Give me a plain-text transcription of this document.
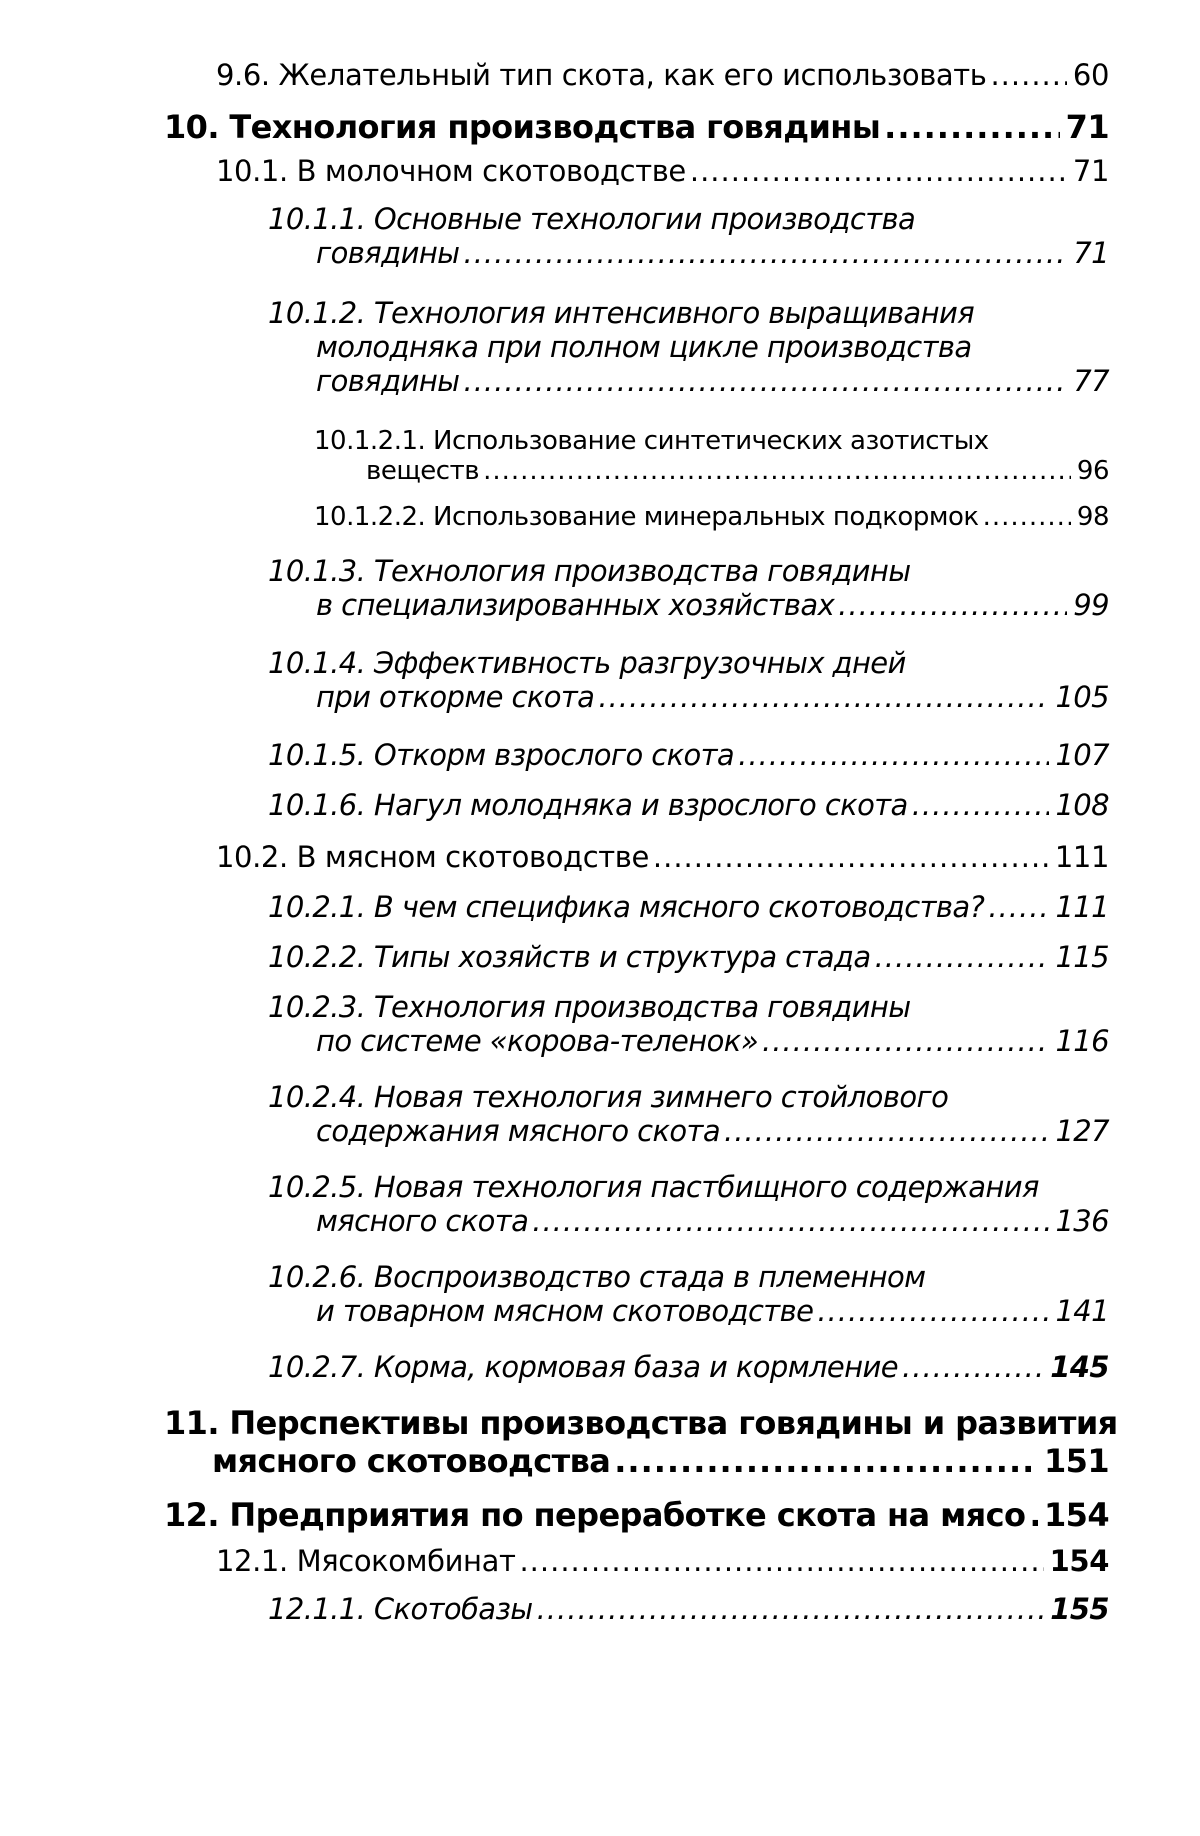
9.6. Желательный тип скота, как его использовать .....	60
10. Технология производства говядины .....	71
10.1. В молочном скотоводстве .....	71
10.1.1. Основные технологии производства
говядины .....	71
10.1.2. Технология интенсивного выращивания
молодняка при полном цикле производства
говядины .....	77
10.1.2.1. Использование синтетических азотистых
веществ .....	96
10.1.2.2. Использование минеральных подкормок .....	98
10.1.3. Технология производства говядины
в специализированных хозяйствах .....	99
10.1.4. Эффективность разгрузочных дней
при откорме скота .....	105
10.1.5. Откорм взрослого скота .....	107
10.1.6. Нагул молодняка и взрослого скота .....	108
10.2. В мясном скотоводстве .....	111
10.2.1. В чем специфика мясного скотоводства? ..... 111
10.2.2. Типы хозяйств и структура стада .....	115
10.2.3. Технология производства говядины
по системе «корова-теленок» .....	116
10.2.4. Новая технология зимнего стойлового
содержания мясного скота .....	127
10.2.5. Новая технология пастбищного содержания
мясного скота .....	136
10.2.6. Воспроизводство стада в племенном
и товарном мясном скотоводстве .....	141
10.2.7. Корма, кормовая база и кормление .....	145
11. Перспективы производства говядины и развития
мясного скотоводства .....	151
12. Предприятия по переработке скота на мясо ..... 154
12.1. Мясокомбинат .....	154
12.1.1. Скотобазы .....	155
